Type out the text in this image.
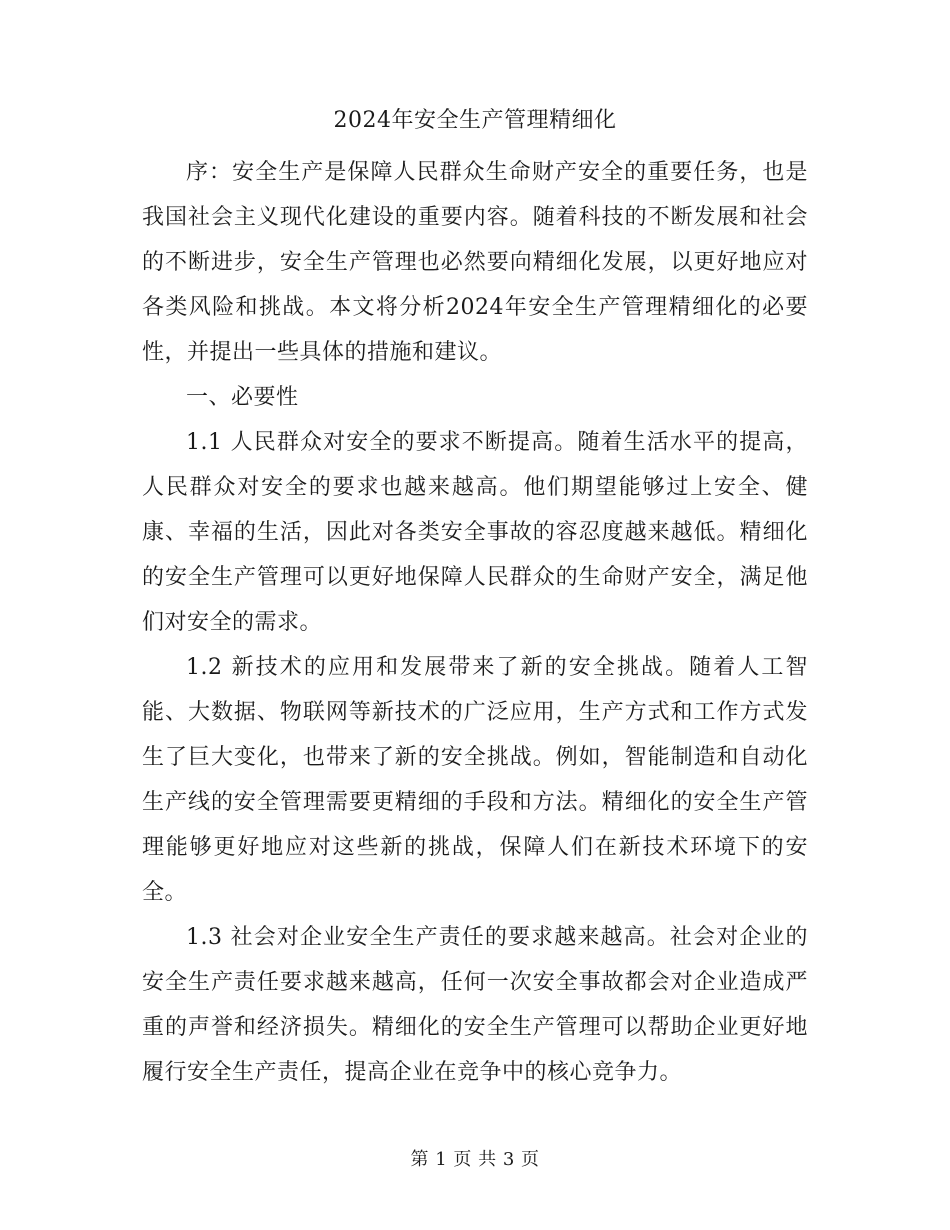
2024年安全生产管理精细化

序：安全生产是保障人民群众生命财产安全的重要任务，也是我国社会主义现代化建设的重要内容。随着科技的不断发展和社会的不断进步，安全生产管理也必然要向精细化发展，以更好地应对各类风险和挑战。本文将分析2024年安全生产管理精细化的必要性，并提出一些具体的措施和建议。

一、必要性

1.1 人民群众对安全的要求不断提高。随着生活水平的提高，人民群众对安全的要求也越来越高。他们期望能够过上安全、健康、幸福的生活，因此对各类安全事故的容忍度越来越低。精细化的安全生产管理可以更好地保障人民群众的生命财产安全，满足他们对安全的需求。

1.2 新技术的应用和发展带来了新的安全挑战。随着人工智能、大数据、物联网等新技术的广泛应用，生产方式和工作方式发生了巨大变化，也带来了新的安全挑战。例如，智能制造和自动化生产线的安全管理需要更精细的手段和方法。精细化的安全生产管理能够更好地应对这些新的挑战，保障人们在新技术环境下的安全。

1.3 社会对企业安全生产责任的要求越来越高。社会对企业的安全生产责任要求越来越高，任何一次安全事故都会对企业造成严重的声誉和经济损失。精细化的安全生产管理可以帮助企业更好地履行安全生产责任，提高企业在竞争中的核心竞争力。

第 1 页 共 3 页
